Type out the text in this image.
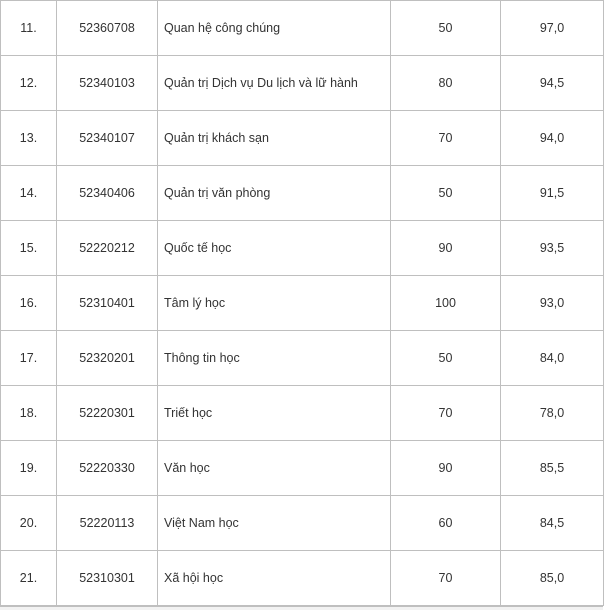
11.	52360708	Quan hệ công chúng	50	97,0
12.	52340103	Quản trị Dịch vụ Du lịch và lữ hành	80	94,5
13.	52340107	Quản trị khách sạn	70	94,0
14.	52340406	Quản trị văn phòng	50	91,5
15.	52220212	Quốc tế học	90	93,5
16.	52310401	Tâm lý học	100	93,0
17.	52320201	Thông tin học	50	84,0
18.	52220301	Triết học	70	78,0
19.	52220330	Văn học	90	85,5
20.	52220113	Việt Nam học	60	84,5
21.	52310301	Xã hội học	70	85,0
